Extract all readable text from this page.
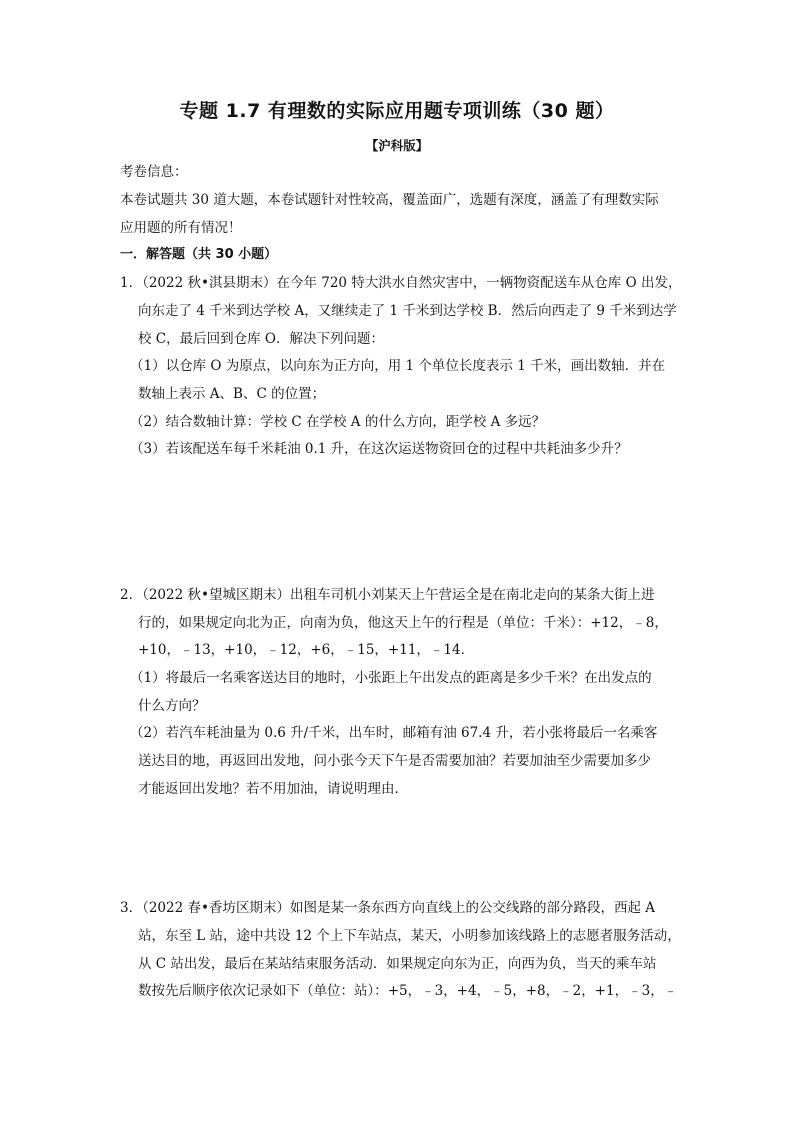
专题 1.7 有理数的实际应用题专项训练（30 题）
【沪科版】
考卷信息：
本卷试题共 30 道大题，本卷试题针对性较高，覆盖面广，选题有深度，涵盖了有理数实际
应用题的所有情况！
一．解答题（共 30 小题）
1．（2022 秋•淇县期末）在今年 720 特大洪水自然灾害中，一辆物资配送车从仓库 O 出发，
向东走了 4 千米到达学校 A，又继续走了 1 千米到达学校 B．然后向西走了 9 千米到达学
校 C，最后回到仓库 O．解决下列问题：
（1）以仓库 O 为原点，以向东为正方向，用 1 个单位长度表示 1 千米，画出数轴．并在
数轴上表示 A、B、C 的位置；
（2）结合数轴计算：学校 C 在学校 A 的什么方向，距学校 A 多远？
（3）若该配送车每千米耗油 0.1 升，在这次运送物资回仓的过程中共耗油多少升？
2．（2022 秋•望城区期末）出租车司机小刘某天上午营运全是在南北走向的某条大街上进
行的，如果规定向北为正，向南为负，他这天上午的行程是（单位：千米）：+12，﹣8，
+10，﹣13，+10，﹣12，+6，﹣15，+11，﹣14．
（1）将最后一名乘客送达目的地时，小张距上午出发点的距离是多少千米？在出发点的
什么方向？
（2）若汽车耗油量为 0.6 升/千米，出车时，邮箱有油 67.4 升，若小张将最后一名乘客
送达目的地，再返回出发地，问小张今天下午是否需要加油？若要加油至少需要加多少
才能返回出发地？若不用加油，请说明理由．
3．（2022 春•香坊区期末）如图是某一条东西方向直线上的公交线路的部分路段，西起 A
站，东至 L 站，途中共设 12 个上下车站点，某天，小明参加该线路上的志愿者服务活动，
从 C 站出发，最后在某站结束服务活动．如果规定向东为正，向西为负，当天的乘车站
数按先后顺序依次记录如下（单位：站）：+5，﹣3，+4，﹣5，+8，﹣2，+1，﹣3，﹣
